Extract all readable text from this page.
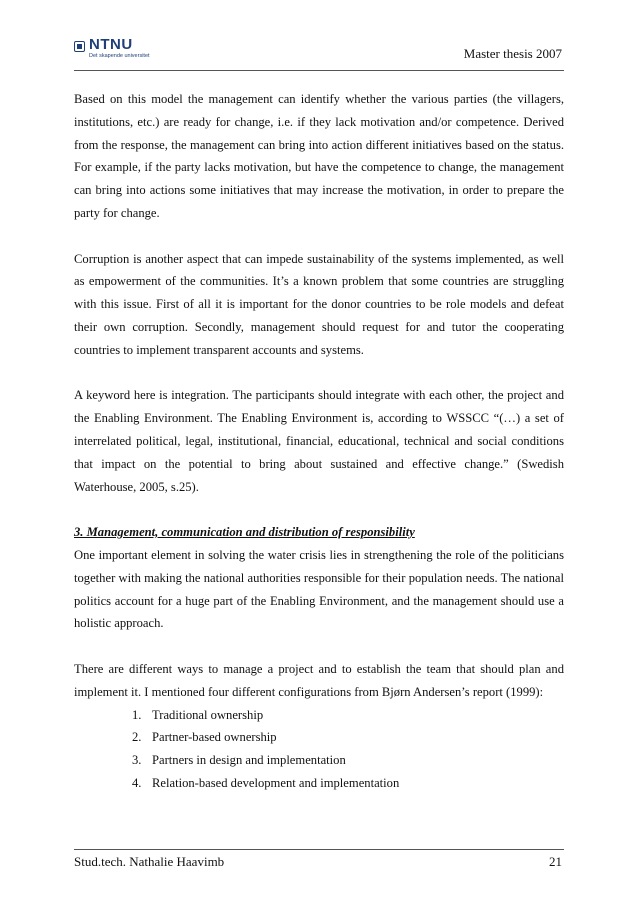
NTNU
Det skapende universitet	Master thesis 2007

Based on this model the management can identify whether the various parties (the villagers, institutions, etc.) are ready for change, i.e. if they lack motivation and/or competence. Derived from the response, the management can bring into action different initiatives based on the status. For example, if the party lacks motivation, but have the competence to change, the management can bring into actions some initiatives that may increase the motivation, in order to prepare the party for change.

Corruption is another aspect that can impede sustainability of the systems implemented, as well as empowerment of the communities. It’s a known problem that some countries are struggling with this issue. First of all it is important for the donor countries to be role models and defeat their own corruption. Secondly, management should request for and tutor the cooperating countries to implement transparent accounts and systems.

A keyword here is integration. The participants should integrate with each other, the project and the Enabling Environment. The Enabling Environment is, according to WSSCC “(…) a set of interrelated political, legal, institutional, financial, educational, technical and social conditions that impact on the potential to bring about sustained and effective change.” (Swedish Waterhouse, 2005, s.25).

3. Management, communication and distribution of responsibility

One important element in solving the water crisis lies in strengthening the role of the politicians together with making the national authorities responsible for their population needs. The national politics account for a huge part of the Enabling Environment, and the management should use a holistic approach.

There are different ways to manage a project and to establish the team that should plan and implement it. I mentioned four different configurations from Bjørn Andersen’s report (1999):

1. Traditional ownership
2. Partner-based ownership
3. Partners in design and implementation
4. Relation-based development and implementation
Stud.tech. Nathalie Haavimb	21
